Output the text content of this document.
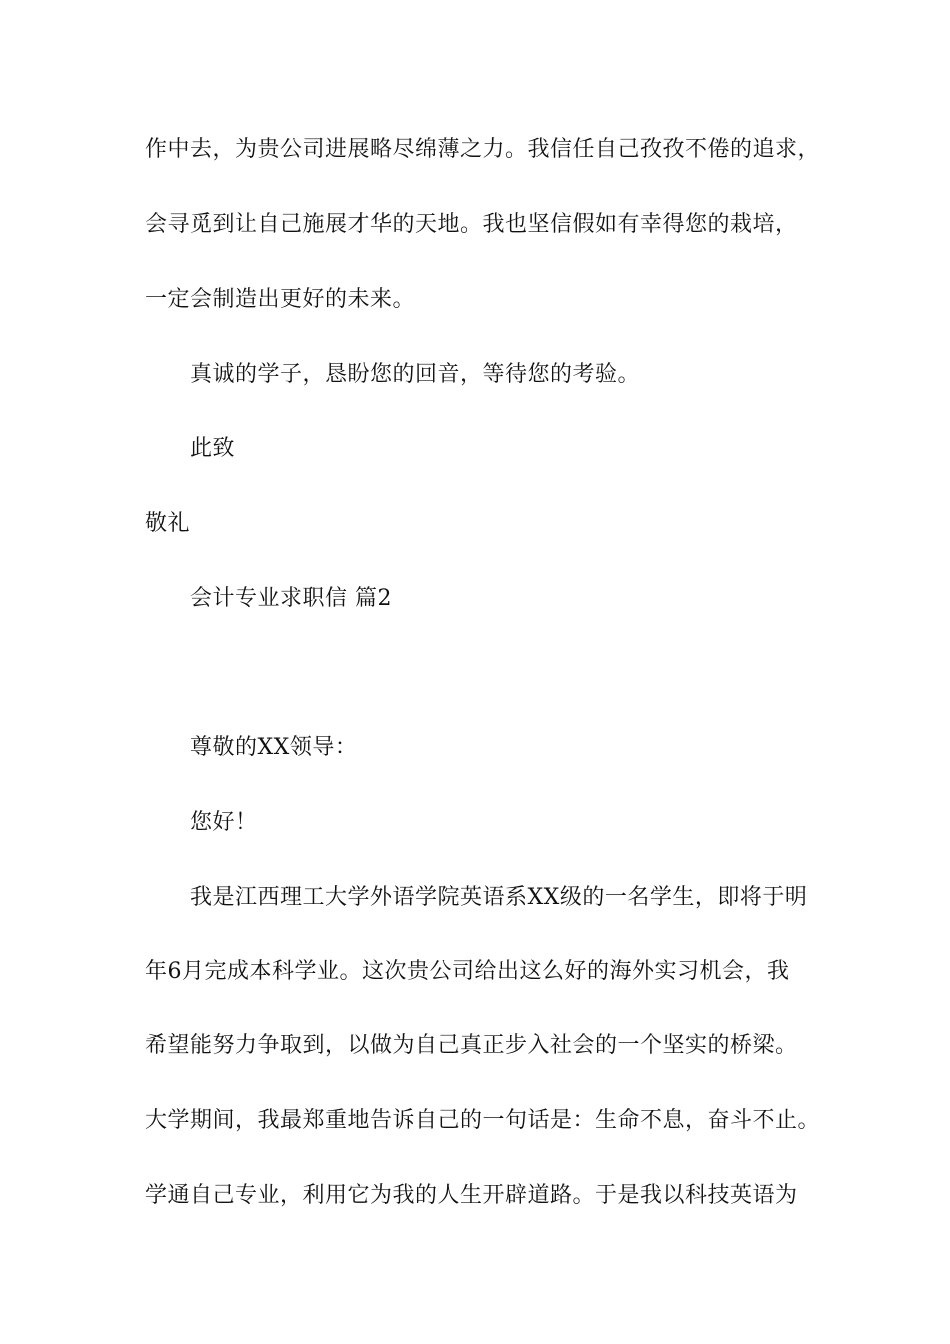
作中去，为贵公司进展略尽绵薄之力。我信任自己孜孜不倦的追求，
会寻觅到让自己施展才华的天地。我也坚信假如有幸得您的栽培，
一定会制造出更好的未来。
真诚的学子，恳盼您的回音，等待您的考验。
此致
敬礼
会计专业求职信 篇2
尊敬的XX领导：
您好！
我是江西理工大学外语学院英语系XX级的一名学生，即将于明
年6月完成本科学业。这次贵公司给出这么好的海外实习机会，我
希望能努力争取到，以做为自己真正步入社会的一个坚实的桥梁。
大学期间，我最郑重地告诉自己的一句话是：生命不息，奋斗不止。
学通自己专业，利用它为我的人生开辟道路。于是我以科技英语为
